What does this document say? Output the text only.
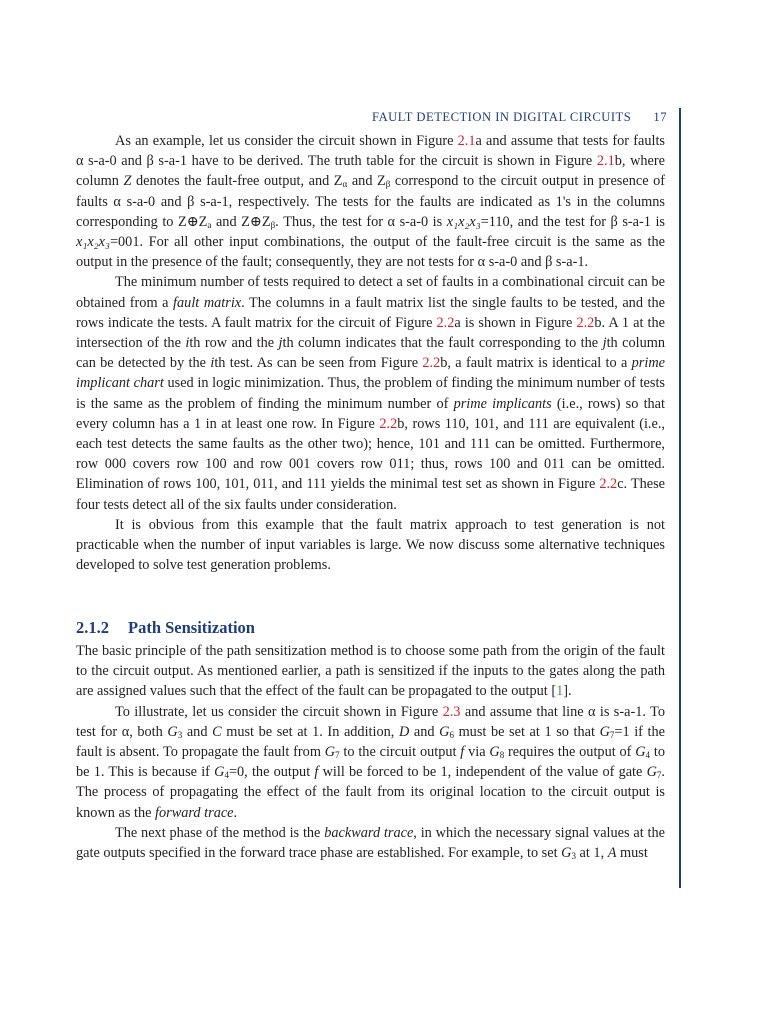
FAULT DETECTION IN DIGITAL CIRCUITS 17

As an example, let us consider the circuit shown in Figure 2.1a and assume that tests for faults α s-a-0 and β s-a-1 have to be derived. The truth table for the circuit is shown in Figure 2.1b, where column Z denotes the fault-free output, and $Z_\alpha$ and $Z_\beta$ correspond to the circuit output in presence of faults α s-a-0 and β s-a-1, respectively. The tests for the faults are indicated as 1's in the columns corresponding to $Z\oplus Z_a$ and $Z\oplus Z_\beta$. Thus, the test for α s-a-0 is x₁x₂x₃=110, and the test for β s-a-1 is x₁x₂x₃=001. For all other input combinations, the output of the fault-free circuit is the same as the output in the presence of the fault; consequently, they are not tests for α s-a-0 and β s-a-1.

The minimum number of tests required to detect a set of faults in a combinational circuit can be obtained from a fault matrix. The columns in a fault matrix list the single faults to be tested, and the rows indicate the tests. A fault matrix for the circuit of Figure 2.2a is shown in Figure 2.2b. A 1 at the intersection of the ith row and the jth column indicates that the fault corresponding to the jth column can be detected by the ith test. As can be seen from Figure 2.2b, a fault matrix is identical to a prime implicant chart used in logic minimization. Thus, the problem of finding the minimum number of tests is the same as the problem of finding the minimum number of prime implicants (i.e., rows) so that every column has a 1 in at least one row. In Figure 2.2b, rows 110, 101, and 111 are equivalent (i.e., each test detects the same faults as the other two); hence, 101 and 111 can be omitted. Furthermore, row 000 covers row 100 and row 001 covers row 011; thus, rows 100 and 011 can be omitted. Elimination of rows 100, 101, 011, and 111 yields the minimal test set as shown in Figure 2.2c. These four tests detect all of the six faults under consideration.

It is obvious from this example that the fault matrix approach to test generation is not practicable when the number of input variables is large. We now discuss some alternative techniques developed to solve test generation problems.

2.1.2 Path Sensitization

The basic principle of the path sensitization method is to choose some path from the origin of the fault to the circuit output. As mentioned earlier, a path is sensitized if the inputs to the gates along the path are assigned values such that the effect of the fault can be propagated to the output [1].

To illustrate, let us consider the circuit shown in Figure 2.3 and assume that line α is s-a-1. To test for α, both $G_3$ and C must be set at 1. In addition, D and $G_6$ must be set at 1 so that $G_7=1$ if the fault is absent. To propagate the fault from $G_7$ to the circuit output f via $G_8$ requires the output of $G_4$ to be 1. This is because if $G_4=0$, the output f will be forced to be 1, independent of the value of gate $G_7$. The process of propagating the effect of the fault from its original location to the circuit output is known as the forward trace.

The next phase of the method is the backward trace, in which the necessary signal values at the gate outputs specified in the forward trace phase are established. For example, to set $G_3$ at 1, A must
